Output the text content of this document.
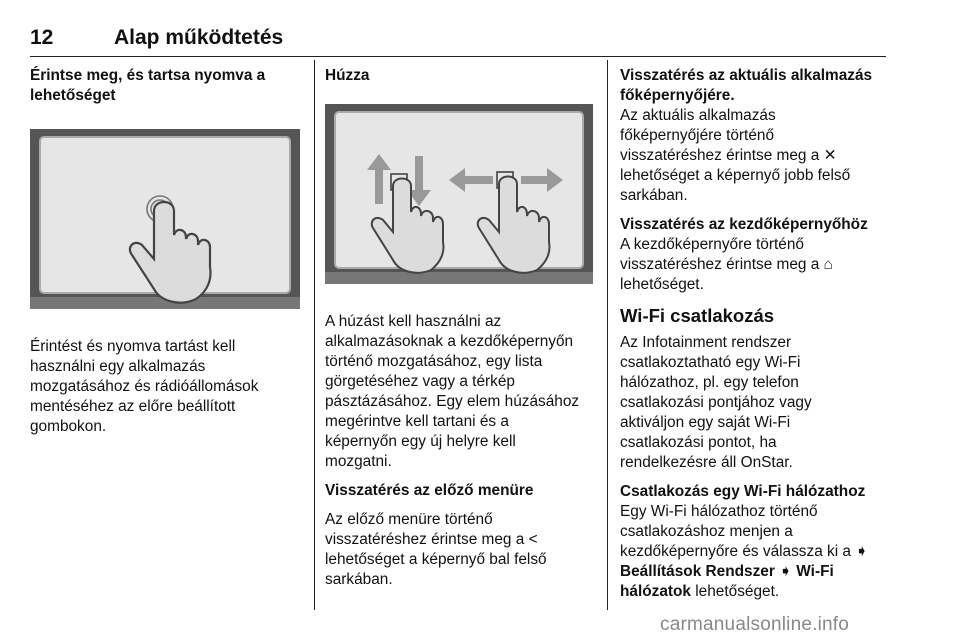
12	Alap működtetés

Érintse meg, és tartsa nyomva a
lehetőséget

Érintést és nyomva tartást kell
használni egy alkalmazás
mozgatásához és rádióállomások
mentéséhez az előre beállított
gombokon.

Húzza

A húzást kell használni az
alkalmazásoknak a kezdőképernyőn
történő mozgatásához, egy lista
görgetéséhez vagy a térkép
pásztázásához. Egy elem húzásához
megérintve kell tartani és a
képernyőn egy új helyre kell
mozgatni.

Visszatérés az előző menüre

Az előző menüre történő
visszatéréshez érintse meg a <
lehetőséget a képernyő bal felső
sarkában.

Visszatérés az aktuális alkalmazás
főképernyőjére.
Az aktuális alkalmazás
főképernyőjére történő
visszatéréshez érintse meg a ✕
lehetőséget a képernyő jobb felső
sarkában.

Visszatérés az kezdőképernyőhöz

A kezdőképernyőre történő
visszatéréshez érintse meg a ⌂
lehetőséget.

Wi-Fi csatlakozás

Az Infotainment rendszer
csatlakoztatható egy Wi-Fi
hálózathoz, pl. egy telefon
csatlakozási pontjához vagy
aktiváljon egy saját Wi-Fi
csatlakozási pontot, ha
rendelkezésre áll OnStar.

Csatlakozás egy Wi-Fi hálózathoz

Egy Wi-Fi hálózathoz történő
csatlakozáshoz menjen a
kezdőképernyőre és válassza ki a ➧
Beállítások Rendszer ➧ Wi-Fi
hálózatok lehetőséget.

carmanualsonline.info
